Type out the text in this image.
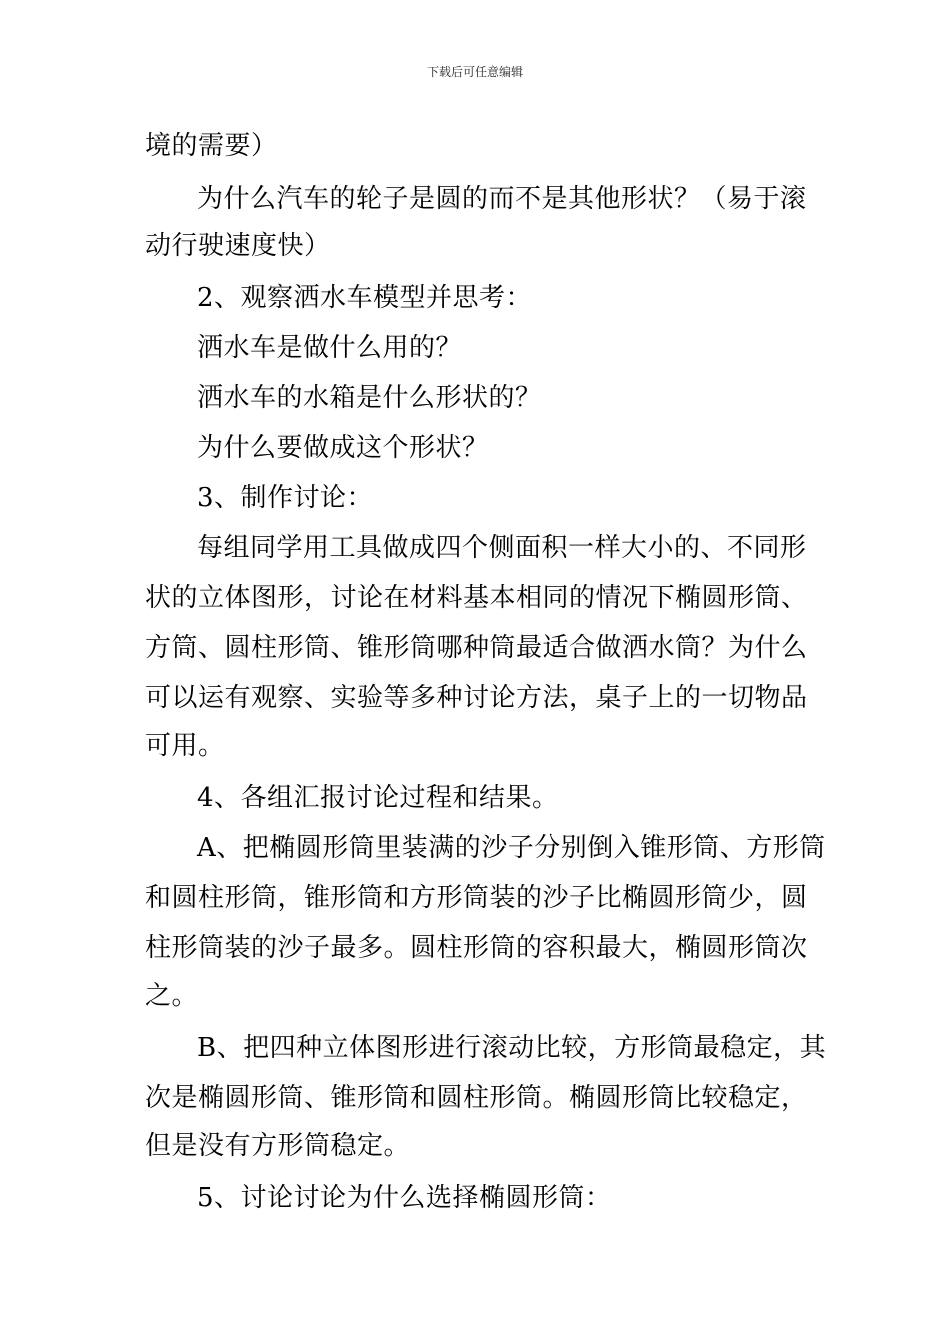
下载后可任意编辑
境的需要）
为什么汽车的轮子是圆的而不是其他形状？（易于滚
动行驶速度快）
2、观察洒水车模型并思考：
洒水车是做什么用的？
洒水车的水箱是什么形状的？
为什么要做成这个形状？
3、制作讨论：
每组同学用工具做成四个侧面积一样大小的、不同形
状的立体图形，讨论在材料基本相同的情况下椭圆形筒、
方筒、圆柱形筒、锥形筒哪种筒最适合做洒水筒？为什么
可以运有观察、实验等多种讨论方法，桌子上的一切物品
可用。
4、各组汇报讨论过程和结果。
A、把椭圆形筒里装满的沙子分别倒入锥形筒、方形筒
和圆柱形筒，锥形筒和方形筒装的沙子比椭圆形筒少，圆
柱形筒装的沙子最多。圆柱形筒的容积最大，椭圆形筒次
之。
B、把四种立体图形进行滚动比较，方形筒最稳定，其
次是椭圆形筒、锥形筒和圆柱形筒。椭圆形筒比较稳定，
但是没有方形筒稳定。
5、讨论讨论为什么选择椭圆形筒：
